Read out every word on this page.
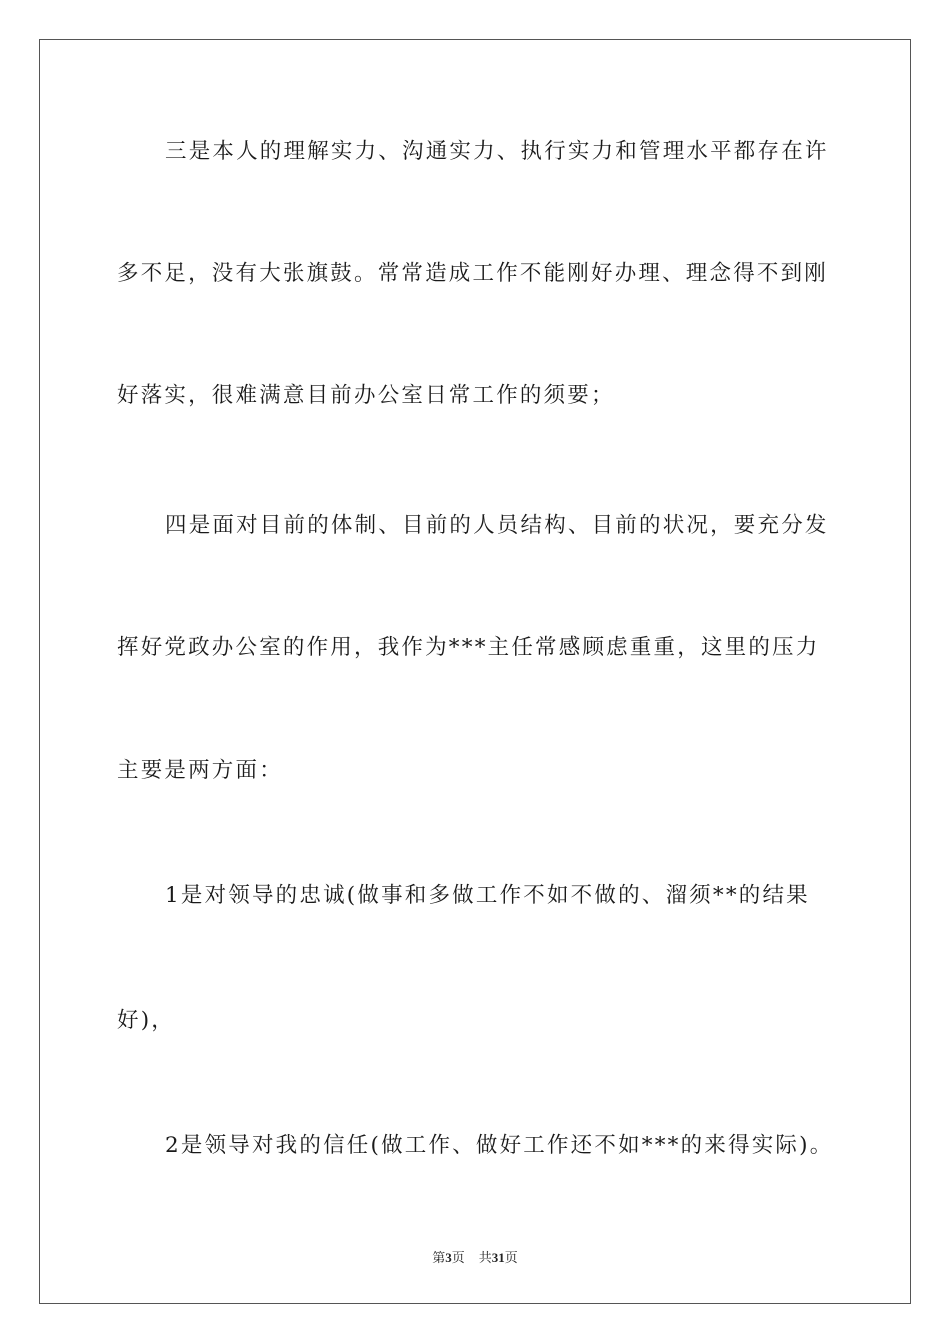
三是本人的理解实力、沟通实力、执行实力和管理水平都存在许
多不足，没有大张旗鼓。常常造成工作不能刚好办理、理念得不到刚
好落实，很难满意目前办公室日常工作的须要；
四是面对目前的体制、目前的人员结构、目前的状况，要充分发
挥好党政办公室的作用，我作为***主任常感顾虑重重，这里的压力
主要是两方面：
1是对领导的忠诚(做事和多做工作不如不做的、溜须**的结果
好)，
2是领导对我的信任(做工作、做好工作还不如***的来得实际)。
第3页 共31页
